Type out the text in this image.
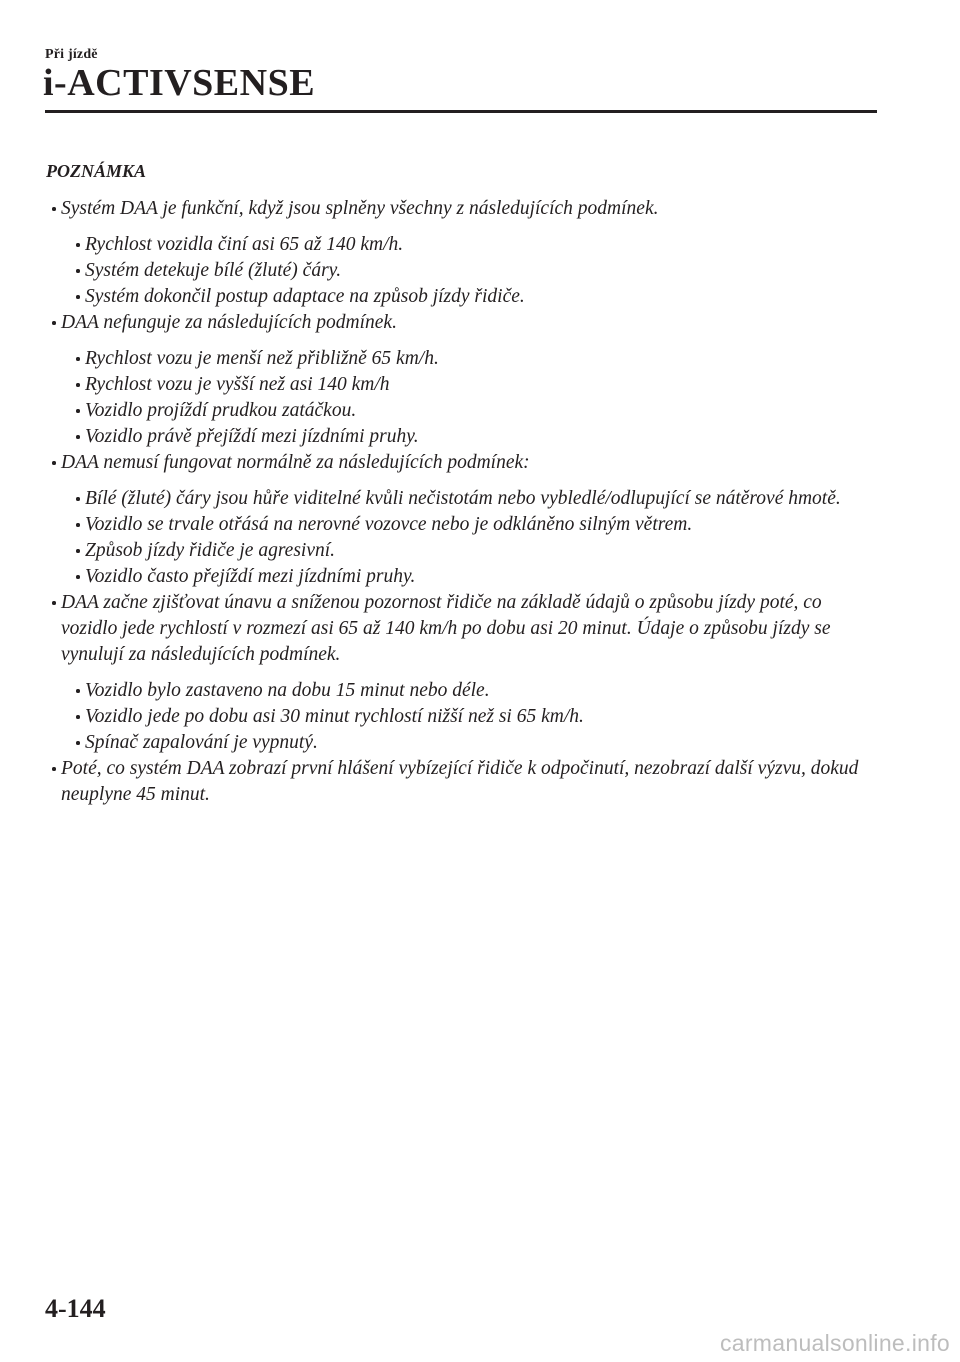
Při jízdě
i-ACTIVSENSE
POZNÁMKA
Systém DAA je funkční, když jsou splněny všechny z následujících podmínek.
Rychlost vozidla činí asi 65 až 140 km/h.
Systém detekuje bílé (žluté) čáry.
Systém dokončil postup adaptace na způsob jízdy řidiče.
DAA nefunguje za následujících podmínek.
Rychlost vozu je menší než přibližně 65 km/h.
Rychlost vozu je vyšší než asi 140 km/h
Vozidlo projíždí prudkou zatáčkou.
Vozidlo právě přejíždí mezi jízdními pruhy.
DAA nemusí fungovat normálně za následujících podmínek:
Bílé (žluté) čáry jsou hůře viditelné kvůli nečistotám nebo vybledlé/odlupující se nátěrové hmotě.
Vozidlo se trvale otřásá na nerovné vozovce nebo je odkláněno silným větrem.
Způsob jízdy řidiče je agresivní.
Vozidlo často přejíždí mezi jízdními pruhy.
DAA začne zjišťovat únavu a sníženou pozornost řidiče na základě údajů o způsobu jízdy poté, co vozidlo jede rychlostí v rozmezí asi 65 až 140 km/h po dobu asi 20 minut. Údaje o způsobu jízdy se vynulují za následujících podmínek.
Vozidlo bylo zastaveno na dobu 15 minut nebo déle.
Vozidlo jede po dobu asi 30 minut rychlostí nižší než si 65 km/h.
Spínač zapalování je vypnutý.
Poté, co systém DAA zobrazí první hlášení vybízející řidiče k odpočinutí, nezobrazí další výzvu, dokud neuplyne 45 minut.
4-144
carmanualsonline.info
